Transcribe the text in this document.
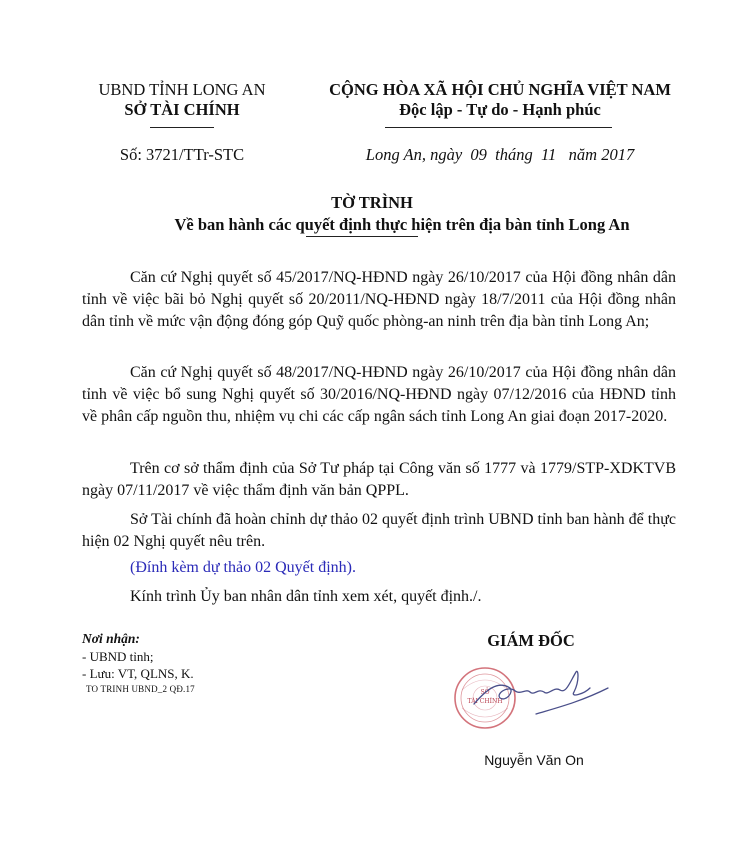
UBND TỈNH LONG AN
SỞ TÀI CHÍNH
Số: 3721/TTr-STC
CỘNG HÒA XÃ HỘI CHỦ NGHĨA VIỆT NAM
Độc lập - Tự do - Hạnh phúc
Long An, ngày  09  tháng  11   năm 2017
TỜ TRÌNH
Về ban hành các quyết định thực hiện trên địa bàn tỉnh Long An

Căn cứ Nghị quyết số 45/2017/NQ-HĐND ngày 26/10/2017 của Hội đồng nhân dân tỉnh về việc bãi bỏ Nghị quyết số 20/2011/NQ-HĐND ngày 18/7/2011 của Hội đồng nhân dân tỉnh về mức vận động đóng góp Quỹ quốc phòng-an ninh trên địa bàn tỉnh Long An;

Căn cứ Nghị quyết số 48/2017/NQ-HĐND ngày 26/10/2017 của Hội đồng nhân dân tỉnh về việc bổ sung Nghị quyết số 30/2016/NQ-HĐND ngày 07/12/2016 của HĐND tỉnh về phân cấp nguồn thu, nhiệm vụ chi các cấp ngân sách tỉnh Long An giai đoạn 2017-2020.

Trên cơ sở thẩm định của Sở Tư pháp tại Công văn số 1777 và 1779/STP-XDKTVB ngày 07/11/2017 về việc thẩm định văn bản QPPL.

Sở Tài chính đã hoàn chỉnh dự thảo 02 quyết định trình UBND tỉnh ban hành để thực hiện 02 Nghị quyết nêu trên.

(Đính kèm dự thảo 02 Quyết định).

Kính trình Ủy ban nhân dân tỉnh xem xét, quyết định./.

Nơi nhận:
- UBND tỉnh;
- Lưu: VT, QLNS, K.
TO TRINH UBND_2 QĐ.17
GIÁM ĐỐC
SỞ
TÀI CHÍNH
Nguyễn Văn On
